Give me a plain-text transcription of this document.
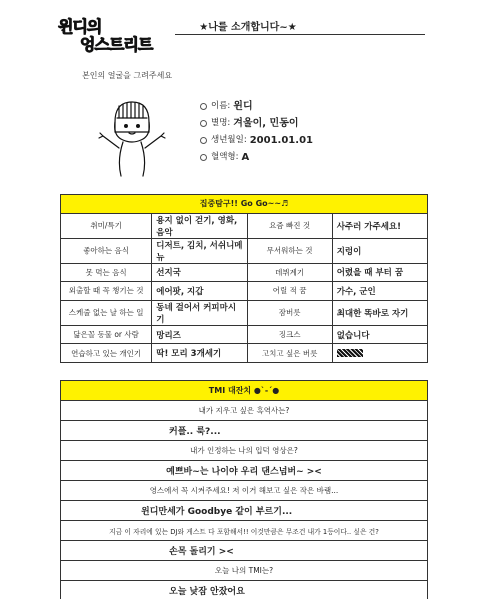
윈디의
엉스트리트
★나를 소개합니다~★
본인의 얼굴을 그려주세요
이름: 윈디
별명: 겨울이, 민동이
생년월일: 2001.01.01
혈액형: A
집중탐구!! Go Go~~♬			
취미/특기	용지 없이 걷기, 영화, 음악	요즘 빠진 것	사주러 가주세요!
좋아하는 음식	디저트, 김치, 서쉬니메뉴	무서워하는 것	지렁이
못 먹는 음식	선지국	데뷔계기	어렸을 때 부터 꿈
외출할 때 꼭 챙기는 것	에어팟, 지갑	어릴 적 꿈	가수, 군인
스케줄 없는 날 하는 일	동네 걸어서 커피마시기	잠버릇	최대한 똑바로 자기
닮은꼴 동물 or 사람	망리즈	징크스	없습니다
연습하고 있는 개인기	딱! 모리 3개세기	고치고 싶은 버릇	
TMI 대잔치 ●`-´●
내가 지우고 싶은 흑역사는?
커플.. 룩?...
내가 인정하는 나의 입덕 영상은?
예쁘바~는 나이야 우리 댄스넘버~ ><
영스에서 꼭 시켜주세요! 저 이거 해보고 싶은 작은 바램...
윈디만세가 Goodbye 같이 부르기...
지금 이 자리에 있는 DJ와 게스트 다 포함해서!! 이것만큼은 무조건 내가 1등이다.. 싶은 건?
손목 돌리기 ><
오늘 나의 TMI는?
오늘 낮잠 안잤어요
